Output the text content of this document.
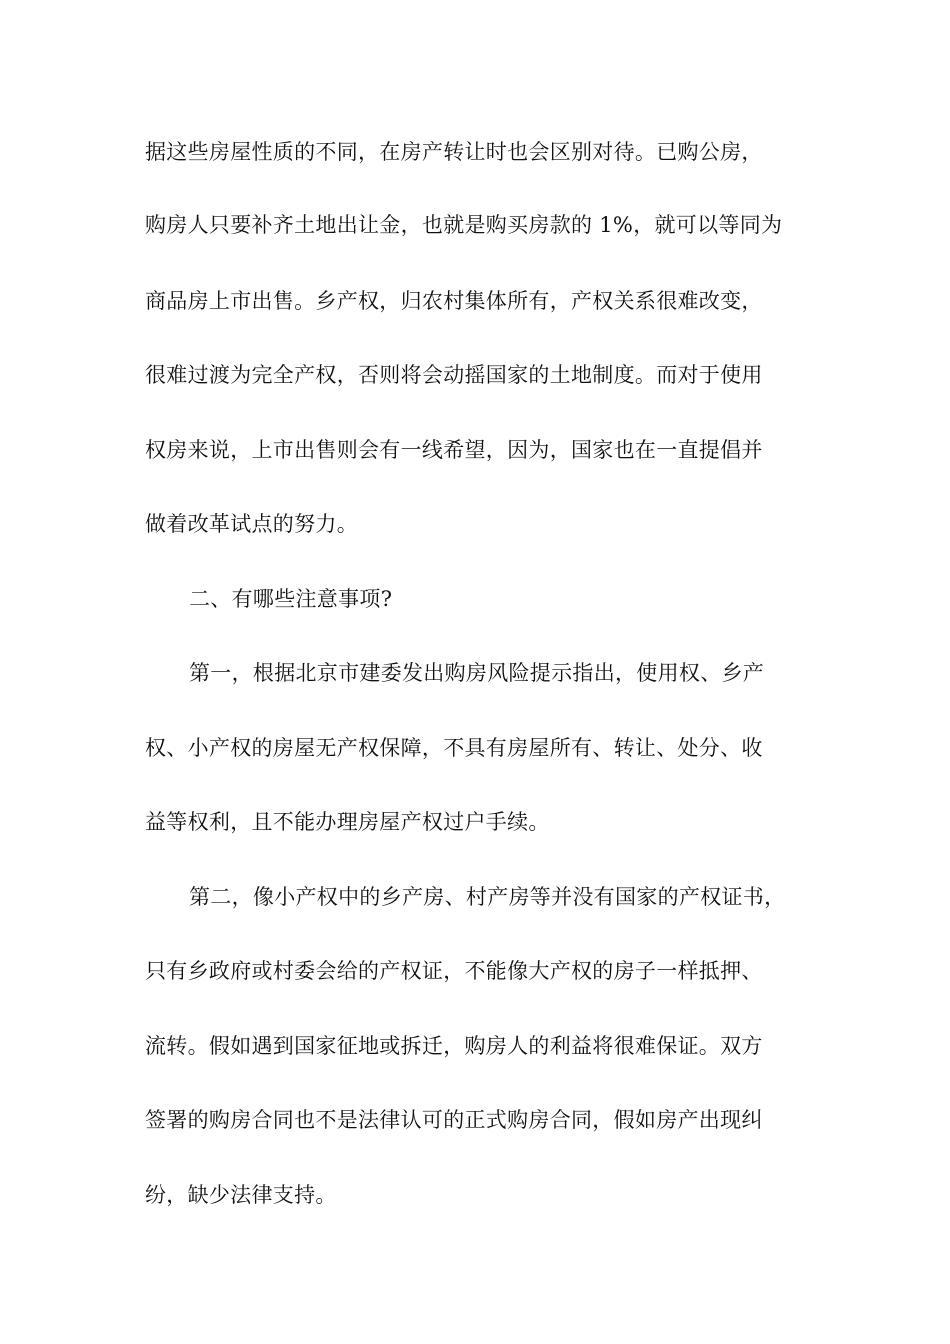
据这些房屋性质的不同，在房产转让时也会区别对待。已购公房，
购房人只要补齐土地出让金，也就是购买房款的 1%，就可以等同为
商品房上市出售。乡产权，归农村集体所有，产权关系很难改变，
很难过渡为完全产权，否则将会动摇国家的土地制度。而对于使用
权房来说，上市出售则会有一线希望，因为，国家也在一直提倡并
做着改革试点的努力。
二、有哪些注意事项?
第一，根据北京市建委发出购房风险提示指出，使用权、乡产
权、小产权的房屋无产权保障，不具有房屋所有、转让、处分、收
益等权利，且不能办理房屋产权过户手续。
第二，像小产权中的乡产房、村产房等并没有国家的产权证书，
只有乡政府或村委会给的产权证，不能像大产权的房子一样抵押、
流转。假如遇到国家征地或拆迁，购房人的利益将很难保证。双方
签署的购房合同也不是法律认可的正式购房合同，假如房产出现纠
纷，缺少法律支持。
